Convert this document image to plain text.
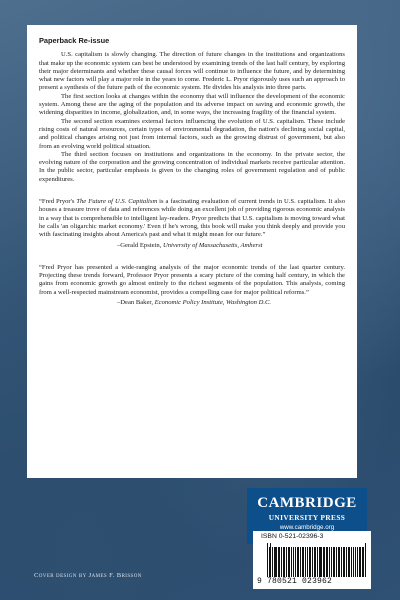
Paperback Re-issue

U.S. capitalism is slowly changing. The direction of future changes in the institutions and organizations that make up the economic system can best be understood by examining trends of the last half century, by exploring their major determinants and whether these causal forces will continue to influence the future, and by determining what new factors will play a major role in the years to come. Frederic L. Pryor rigorously uses such an approach to present a synthesis of the future path of the economic system. He divides his analysis into three parts.

The first section looks at changes within the economy that will influence the development of the economic system. Among these are the aging of the population and its adverse impact on saving and economic growth, the widening disparities in income, globalization, and, in some ways, the increasing fragility of the financial system.

The second section examines external factors influencing the evolution of U.S. capitalism. These include rising costs of natural resources, certain types of environmental degradation, the nation's declining social capital, and political changes arising not just from internal factors, such as the growing distrust of government, but also from an evolving world political situation.

The third section focuses on institutions and organizations in the economy. In the private sector, the evolving nature of the corporation and the growing concentration of individual markets receive particular attention. In the public sector, particular emphasis is given to the changing roles of government regulation and of public expenditures.

“Fred Pryor's The Future of U.S. Capitalism is a fascinating evaluation of current trends in U.S. capitalism. It also houses a treasure trove of data and references while doing an excellent job of providing rigorous economic analysis in a way that is comprehensible to intelligent lay-readers. Pryor predicts that U.S. capitalism is moving toward what he calls 'an oligarchic market economy.' Even if he's wrong, this book will make you think deeply and provide you with fascinating insights about America's past and what it might mean for our future.”

–Gerald Epstein, University of Massachusetts, Amherst

“Fred Pryor has presented a wide-ranging analysis of the major economic trends of the last quarter century. Projecting these trends forward, Professor Pryor presents a scary picture of the coming half century, in which the gains from economic growth go almost entirely to the richest segments of the population. This analysis, coming from a well-respected mainstream economist, provides a compelling case for major political reforms.”

–Dean Baker, Economic Policy Institute, Washington D.C.

CAMBRIDGE
UNIVERSITY PRESS
www.cambridge.org
ISBN 0-521-02396-3
9 780521 023962
Cover design by James F. Brisson
